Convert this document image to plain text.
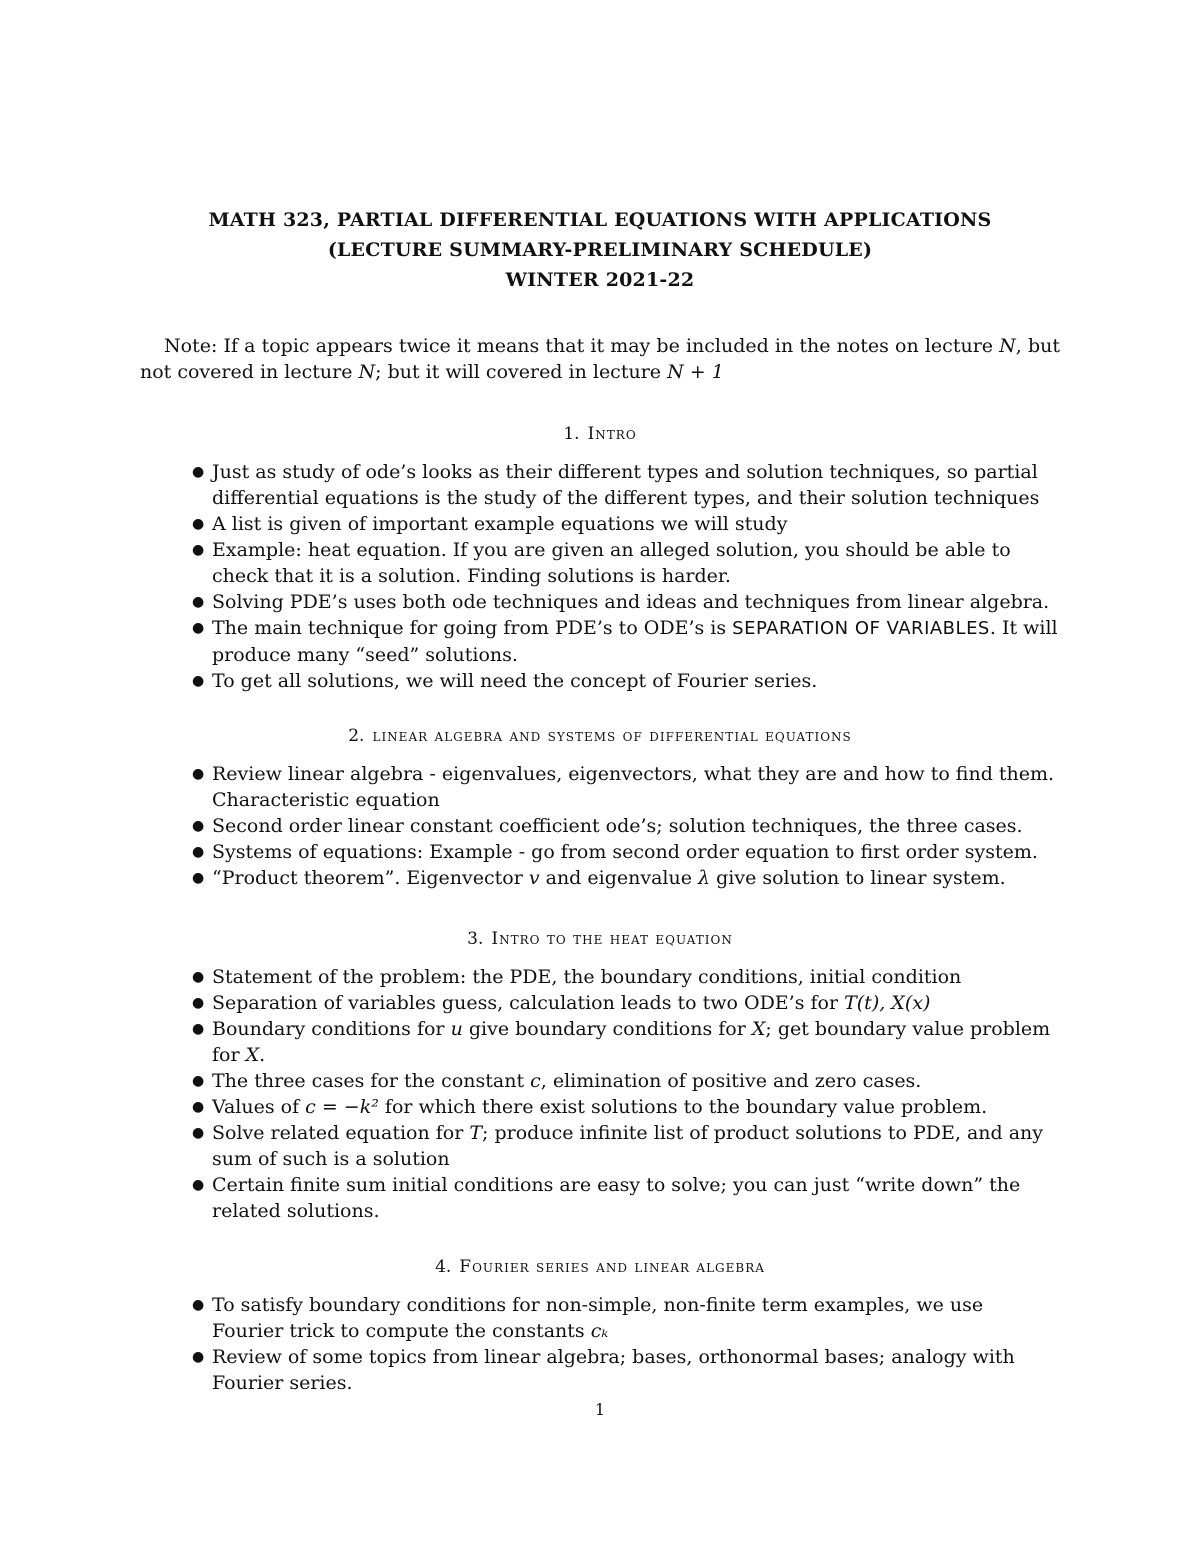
MATH 323, PARTIAL DIFFERENTIAL EQUATIONS WITH APPLICATIONS
(LECTURE SUMMARY-PRELIMINARY SCHEDULE)
WINTER 2021-22
Note: If a topic appears twice it means that it may be included in the notes on lecture N, but not covered in lecture N; but it will covered in lecture N + 1
1. Intro
● Just as study of ode’s looks as their different types and solution techniques, so partial differential equations is the study of the different types, and their solution techniques
● A list is given of important example equations we will study
● Example: heat equation. If you are given an alleged solution, you should be able to check that it is a solution. Finding solutions is harder.
● Solving PDE’s uses both ode techniques and ideas and techniques from linear algebra.
● The main technique for going from PDE’s to ODE’s is SEPARATION OF VARIABLES. It will produce many “seed” solutions.
● To get all solutions, we will need the concept of Fourier series.
2. linear algebra and systems of differential equations
● Review linear algebra - eigenvalues, eigenvectors, what they are and how to find them. Characteristic equation
● Second order linear constant coefficient ode’s; solution techniques, the three cases.
● Systems of equations: Example - go from second order equation to first order system.
● “Product theorem”. Eigenvector v and eigenvalue λ give solution to linear system.
3. Intro to the heat equation
● Statement of the problem: the PDE, the boundary conditions, initial condition
● Separation of variables guess, calculation leads to two ODE’s for T(t), X(x)
● Boundary conditions for u give boundary conditions for X; get boundary value problem for X.
● The three cases for the constant c, elimination of positive and zero cases.
● Values of c = −k² for which there exist solutions to the boundary value problem.
● Solve related equation for T; produce infinite list of product solutions to PDE, and any sum of such is a solution
● Certain finite sum initial conditions are easy to solve; you can just “write down” the related solutions.
4. Fourier series and linear algebra
● To satisfy boundary conditions for non-simple, non-finite term examples, we use Fourier trick to compute the constants cₖ
● Review of some topics from linear algebra; bases, orthonormal bases; analogy with Fourier series.
1
